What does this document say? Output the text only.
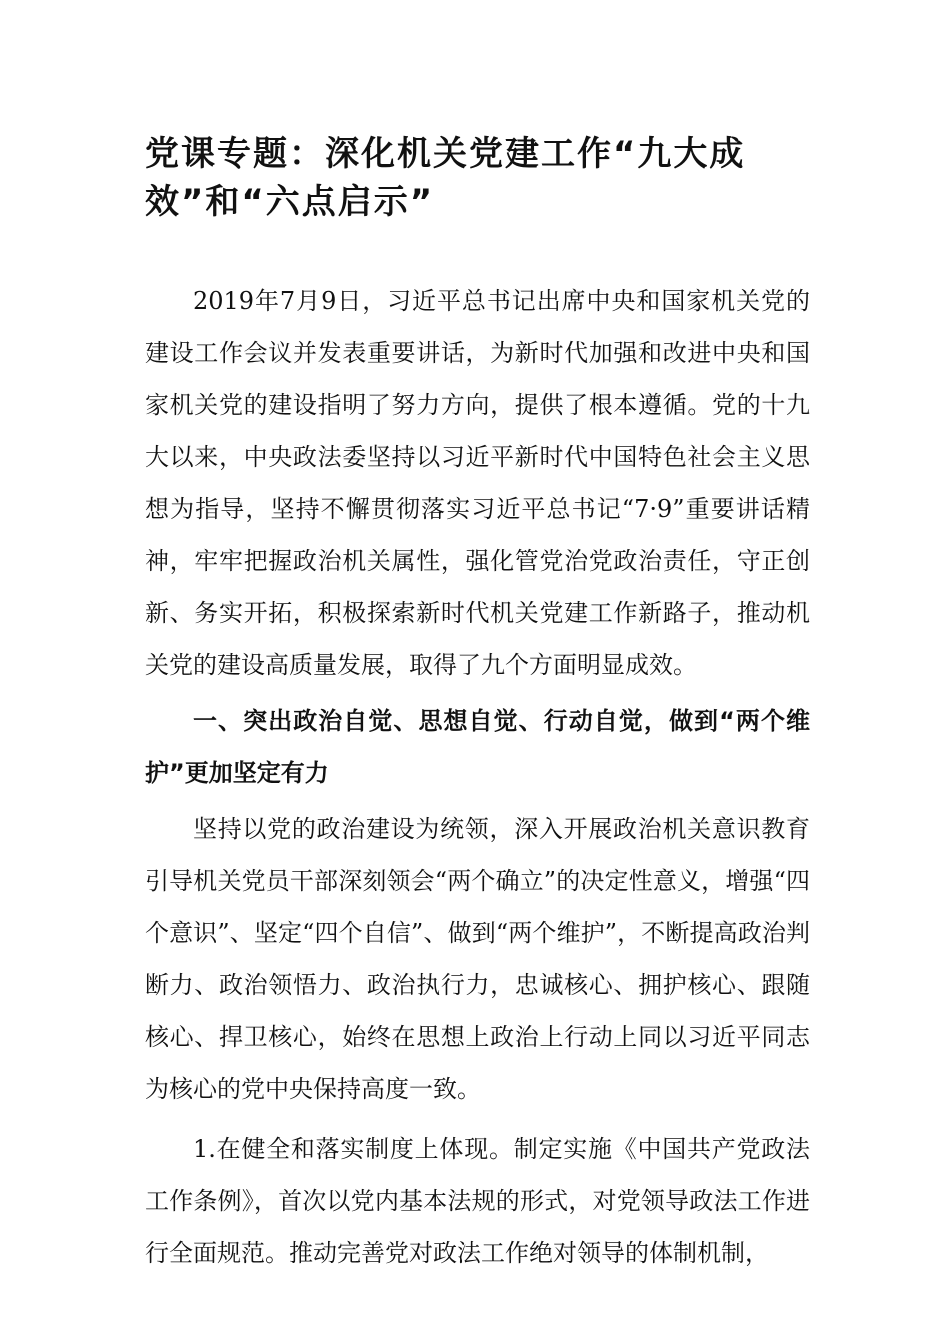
党课专题：深化机关党建工作“九大成效”和“六点启示”

2019年7月9日，习近平总书记出席中央和国家机关党的建设工作会议并发表重要讲话，为新时代加强和改进中央和国家机关党的建设指明了努力方向，提供了根本遵循。党的十九大以来，中央政法委坚持以习近平新时代中国特色社会主义思想为指导，坚持不懈贯彻落实习近平总书记“7·9”重要讲话精神，牢牢把握政治机关属性，强化管党治党政治责任，守正创新、务实开拓，积极探索新时代机关党建工作新路子，推动机关党的建设高质量发展，取得了九个方面明显成效。

一、突出政治自觉、思想自觉、行动自觉，做到“两个维护”更加坚定有力

坚持以党的政治建设为统领，深入开展政治机关意识教育引导机关党员干部深刻领会“两个确立”的决定性意义，增强“四个意识”、坚定“四个自信”、做到“两个维护”，不断提高政治判断力、政治领悟力、政治执行力，忠诚核心、拥护核心、跟随核心、捍卫核心，始终在思想上政治上行动上同以习近平同志为核心的党中央保持高度一致。

1.在健全和落实制度上体现。制定实施《中国共产党政法工作条例》，首次以党内基本法规的形式，对党领导政法工作进行全面规范。推动完善党对政法工作绝对领导的体制机制，
